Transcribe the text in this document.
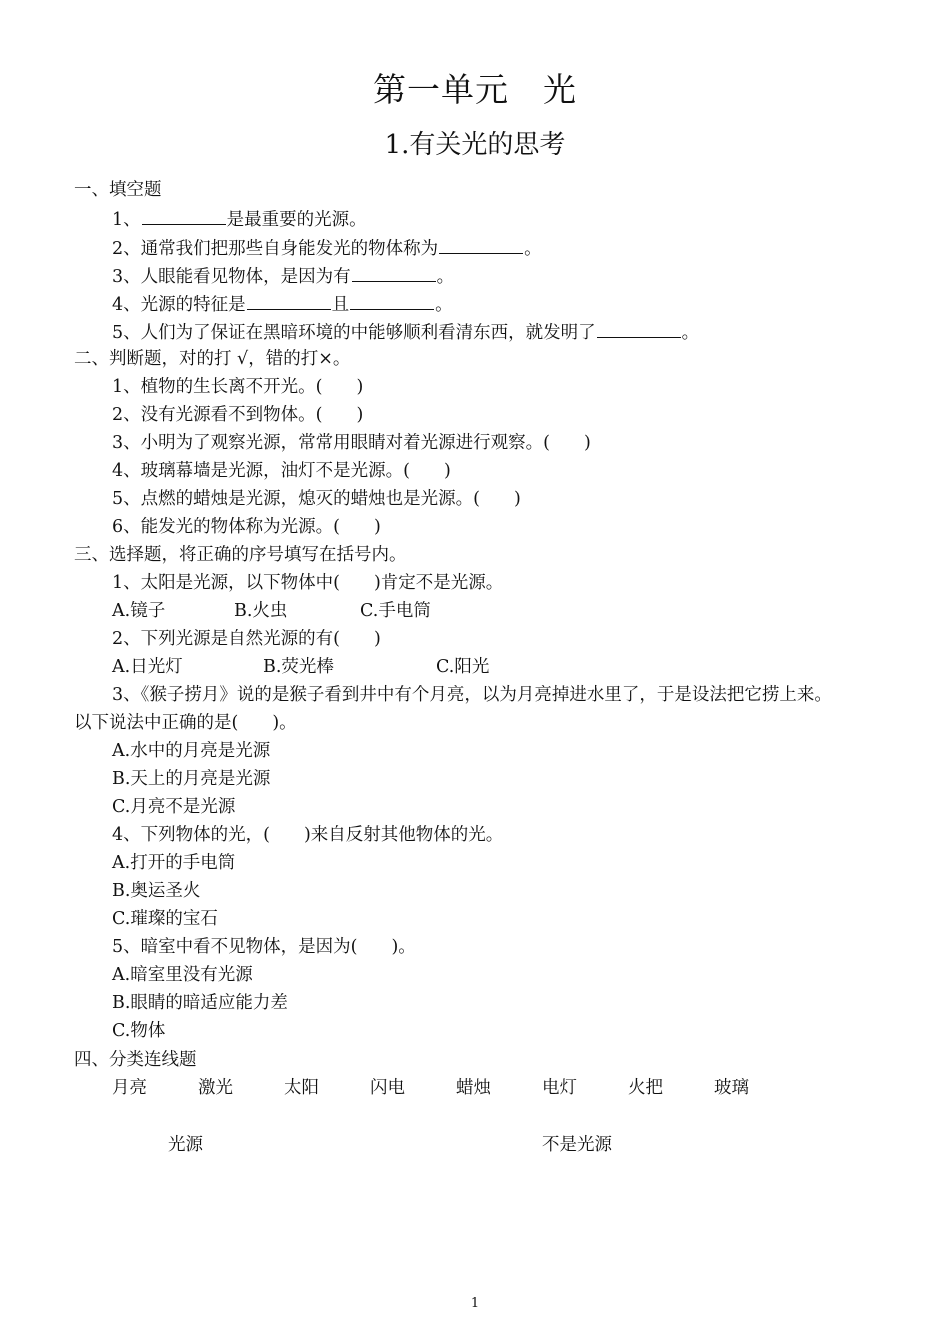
第一单元　光
1.有关光的思考
一、填空题
1、	是最重要的光源。
2、通常我们把那些自身能发光的物体称为	。
3、人眼能看见物体，是因为有	。
4、光源的特征是	且	。
5、人们为了保证在黑暗环境的中能够顺利看清东西，就发明了	。
二、判断题，对的打 √，错的打×。
1、植物的生长离不开光。( )
2、没有光源看不到物体。( )
3、小明为了观察光源，常常用眼睛对着光源进行观察。( )
4、玻璃幕墙是光源，油灯不是光源。( )
5、点燃的蜡烛是光源，熄灭的蜡烛也是光源。( )
6、能发光的物体称为光源。( )
三、选择题，将正确的序号填写在括号内。
1、太阳是光源，以下物体中( )肯定不是光源。
A.镜子	B.火虫	C.手电筒
2、下列光源是自然光源的有( )
A.日光灯	B.荧光棒	C.阳光
3、《猴子捞月》说的是猴子看到井中有个月亮，以为月亮掉进水里了，于是设法把它捞上来。
以下说法中正确的是( )。
A.水中的月亮是光源
B.天上的月亮是光源
C.月亮不是光源
4、下列物体的光，( )来自反射其他物体的光。
A.打开的手电筒
B.奥运圣火
C.璀璨的宝石
5、暗室中看不见物体，是因为( )。
A.暗室里没有光源
B.眼睛的暗适应能力差
C.物体
四、分类连线题
月亮	激光	太阳	闪电	蜡烛	电灯	火把	玻璃
光源	不是光源
1
